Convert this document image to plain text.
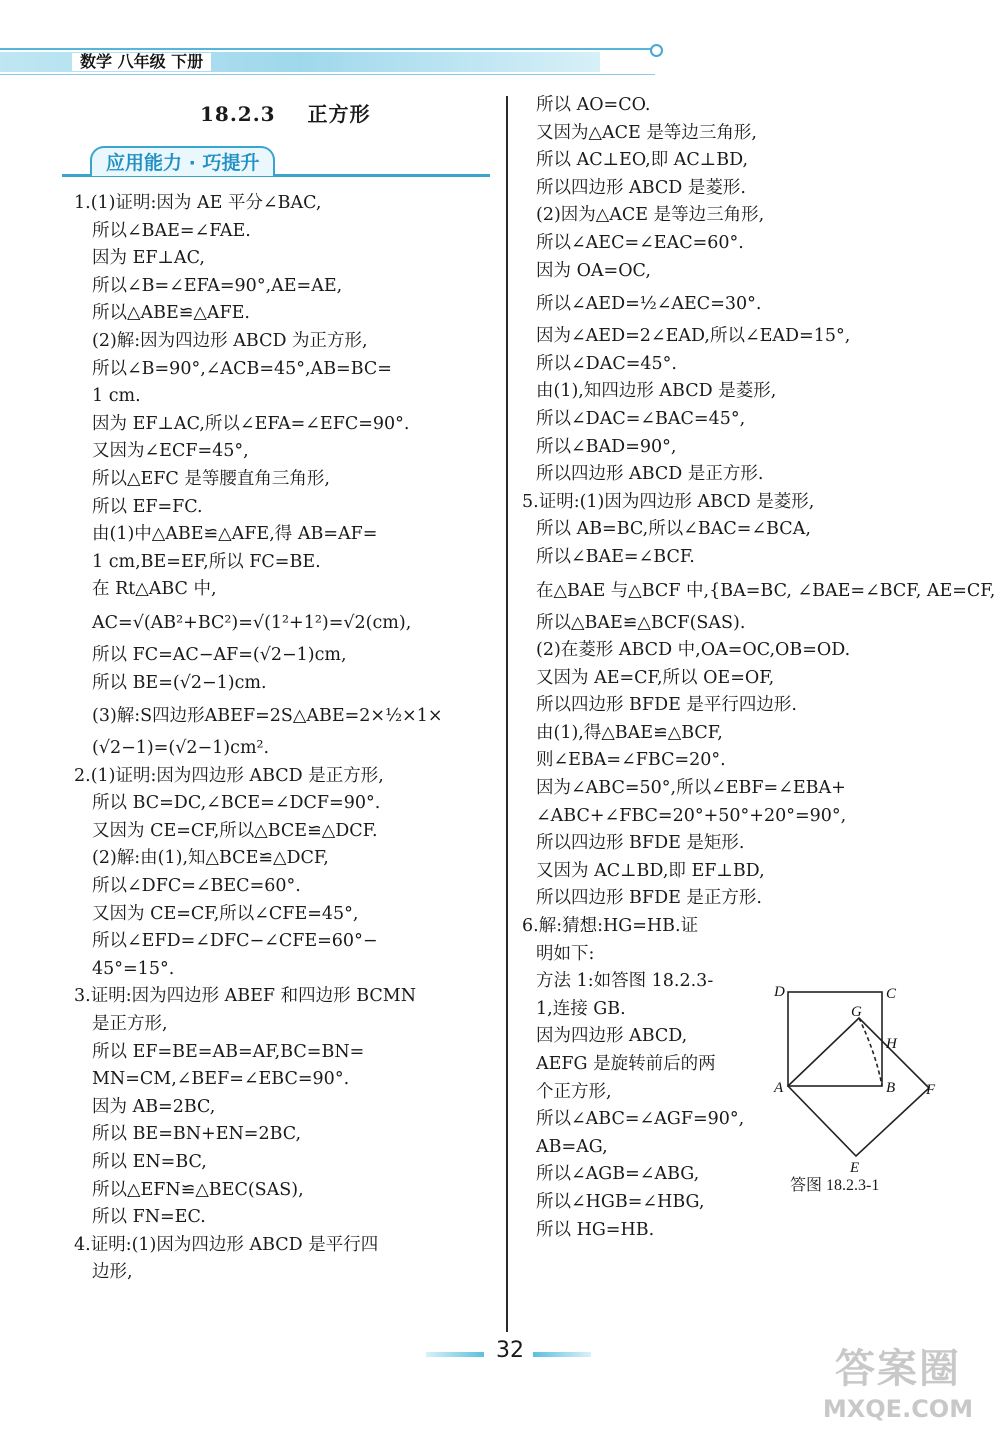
数学 八年级 下册
18.2.3 正方形
应用能力 · 巧提升
1.(1)证明:因为 AE 平分∠BAC,
所以∠BAE=∠FAE.
因为 EF⊥AC,
所以∠B=∠EFA=90°,AE=AE,
所以△ABE≌△AFE.
(2)解:因为四边形 ABCD 为正方形,
所以∠B=90°,∠ACB=45°,AB=BC=
1 cm.
因为 EF⊥AC,所以∠EFA=∠EFC=90°.
又因为∠ECF=45°,
所以△EFC 是等腰直角三角形,
所以 EF=FC.
由(1)中△ABE≌△AFE,得 AB=AF=
1 cm,BE=EF,所以 FC=BE.
在 Rt△ABC 中,
AC=√(AB²+BC²)=√(1²+1²)=√2(cm),
所以 FC=AC−AF=(√2−1)cm,
所以 BE=(√2−1)cm.
(3)解:S四边形ABEF=2S△ABE=2×½×1×
(√2−1)=(√2−1)cm².
2.(1)证明:因为四边形 ABCD 是正方形,
所以 BC=DC,∠BCE=∠DCF=90°.
又因为 CE=CF,所以△BCE≌△DCF.
(2)解:由(1),知△BCE≌△DCF,
所以∠DFC=∠BEC=60°.
又因为 CE=CF,所以∠CFE=45°,
所以∠EFD=∠DFC−∠CFE=60°−
45°=15°.
3.证明:因为四边形 ABEF 和四边形 BCMN
是正方形,
所以 EF=BE=AB=AF,BC=BN=
MN=CM,∠BEF=∠EBC=90°.
因为 AB=2BC,
所以 BE=BN+EN=2BC,
所以 EN=BC,
所以△EFN≌△BEC(SAS),
所以 FN=EC.
4.证明:(1)因为四边形 ABCD 是平行四
边形,
所以 AO=CO.
又因为△ACE 是等边三角形,
所以 AC⊥EO,即 AC⊥BD,
所以四边形 ABCD 是菱形.
(2)因为△ACE 是等边三角形,
所以∠AEC=∠EAC=60°.
因为 OA=OC,
所以∠AED=½∠AEC=30°.
因为∠AED=2∠EAD,所以∠EAD=15°,
所以∠DAC=45°.
由(1),知四边形 ABCD 是菱形,
所以∠DAC=∠BAC=45°,
所以∠BAD=90°,
所以四边形 ABCD 是正方形.
5.证明:(1)因为四边形 ABCD 是菱形,
所以 AB=BC,所以∠BAC=∠BCA,
所以∠BAE=∠BCF.
在△BAE 与△BCF 中,{BA=BC, ∠BAE=∠BCF, AE=CF,
所以△BAE≌△BCF(SAS).
(2)在菱形 ABCD 中,OA=OC,OB=OD.
又因为 AE=CF,所以 OE=OF,
所以四边形 BFDE 是平行四边形.
由(1),得△BAE≌△BCF,
则∠EBA=∠FBC=20°.
因为∠ABC=50°,所以∠EBF=∠EBA+
∠ABC+∠FBC=20°+50°+20°=90°,
所以四边形 BFDE 是矩形.
又因为 AC⊥BD,即 EF⊥BD,
所以四边形 BFDE 是正方形.
6.解:猜想:HG=HB.证
明如下:
方法 1:如答图 18.2.3-
1,连接 GB.
因为四边形 ABCD,
AEFG 是旋转前后的两
个正方形,
所以∠ABC=∠AGF=90°,
AB=AG,
所以∠AGB=∠ABG,
所以∠HGB=∠HBG,
所以 HG=HB.
D	C
G
H
A	B F
E
答图 18.2.3-1
32	答案圈
MXQE.COM
